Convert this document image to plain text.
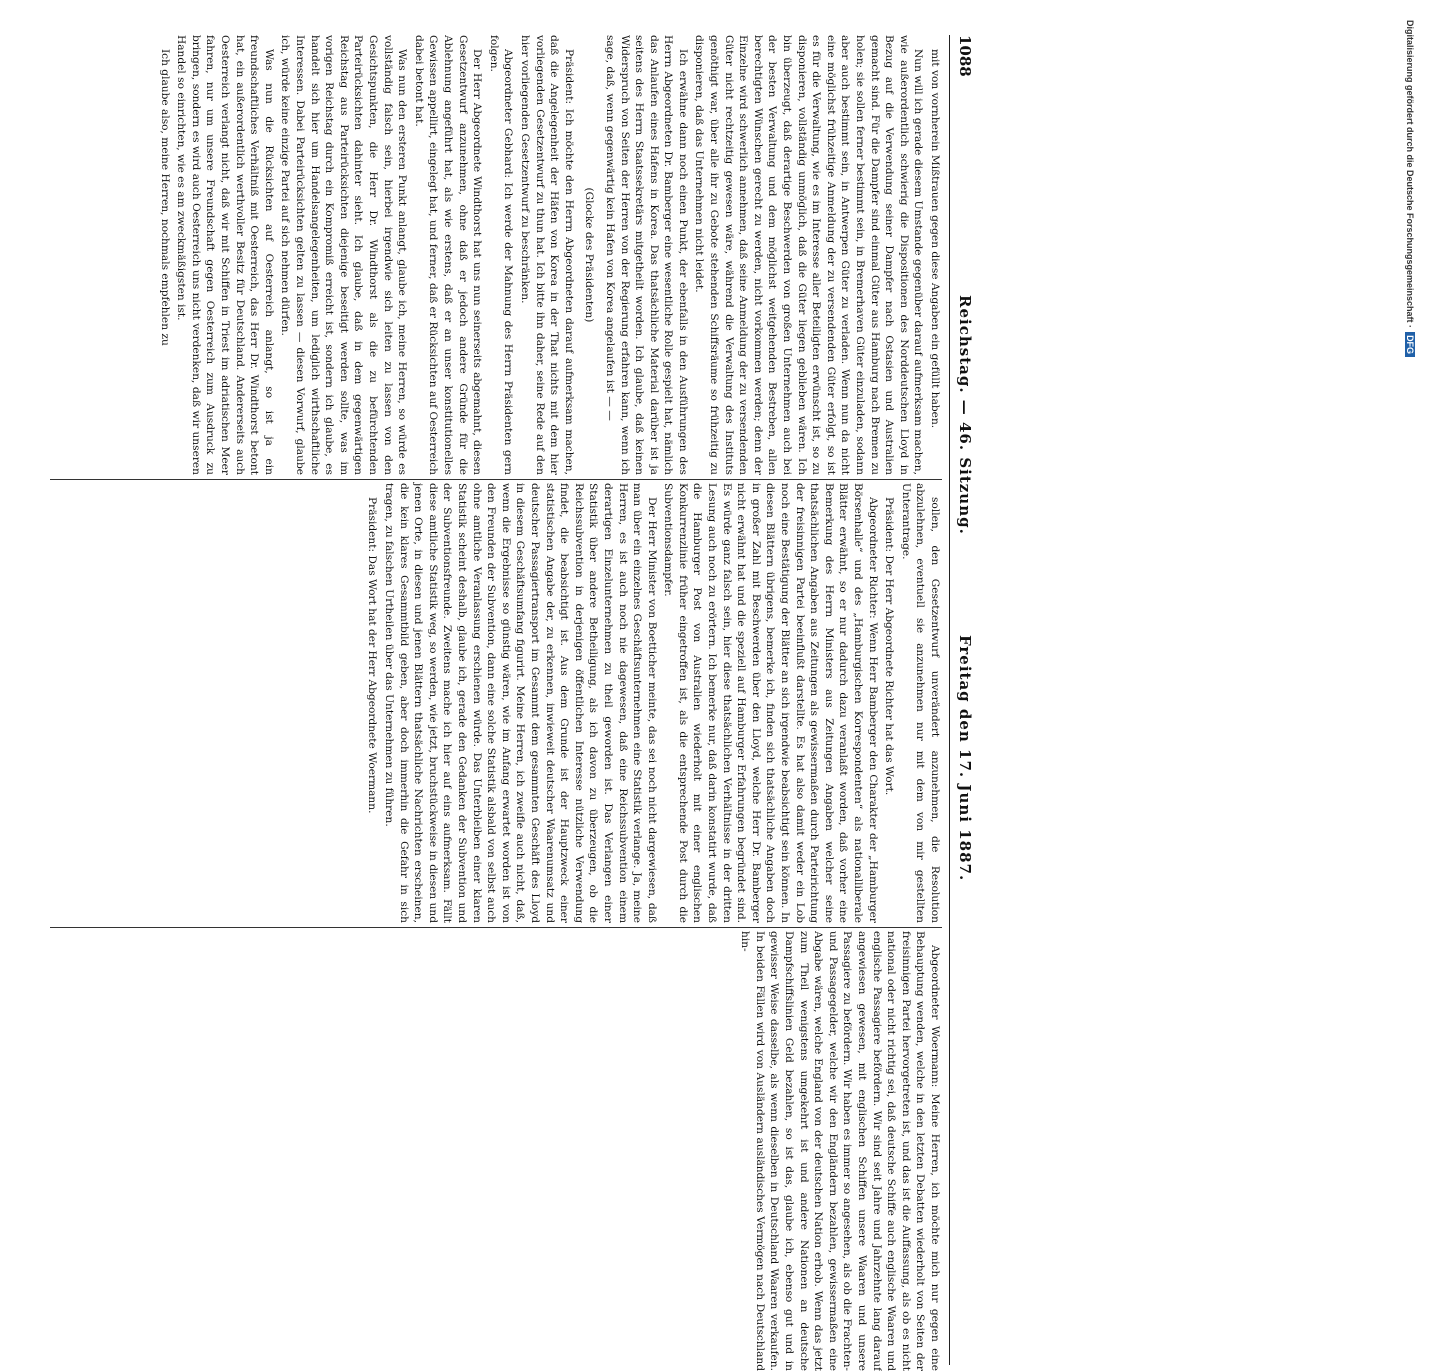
1088
Reichstag. — 46. Sitzung.
Freitag den 17. Juni 1887.

mit von vornherein Mißtrauen gegen diese Angaben ein gefüllt haben.

Nun will ich gerade diesem Umstande gegenüber darauf aufmerksam machen, wie außerordentlich schwierig die Dispositionen des Norddeutschen Lloyd in Bezug auf die Verwendung seiner Dampfer nach Ostasien und Australien gemacht sind. Für die Dampfer sind einmal Güter aus Hamburg nach Bremen zu holen; sie sollen ferner bestimmt sein, in Bremerhaven Güter einzuladen, sodann aber auch bestimmt sein, in Antwerpen Güter zu verladen. Wenn nun da nicht eine möglichst frühzeitige Anmeldung der zu versendenden Güter erfolgt, so ist es für die Verwaltung, wie es im Interesse aller Beteiligten erwünscht ist, so zu disponieren, vollständig unmöglich, daß die Güter liegen geblieben wären. Ich bin überzeugt, daß derartige Beschwerden von großen Unternehmen auch bei der besten Verwaltung und dem möglichst weitgehenden Bestreben, allen berechtigten Wünschen gerecht zu werden, nicht vorkommen werden; denn der Einzelne wird schwerlich annehmen, daß seine Anmeldung der zu versendenden Güter nicht rechtzeitig gewesen wäre, während die Verwaltung des Instituts genöthigt war, über alle ihr zu Gebote stehenden Schiffsräume so frühzeitig zu disponieren, daß das Unternehmen nicht leidet.

Ich erwähne dann noch einen Punkt, der ebenfalls in den Ausführungen des Herrn Abgeordneten Dr. Bamberger eine wesentliche Rolle gespielt hat, nämlich das Anlaufen eines Hafens in Korea. Das thatsächliche Material darüber ist ja seitens des Herrn Staatssekretärs mitgetheilt worden. Ich glaube, daß keinen Widerspruch von Seiten der Herren von der Regierung erfahren kann, wenn ich sage, daß, wenn gegenwärtig kein Hafen von Korea angelaufen ist — —

(Glocke des Präsidenten)

Präsident: Ich möchte den Herrn Abgeordneten darauf aufmerksam machen, daß die Angelegenheit der Häfen von Korea in der That nichts mit dem hier vorliegenden Gesetzentwurf zu thun hat. Ich bitte ihn daher, seine Rede auf den hier vorliegenden Gesetzentwurf zu beschränken.

Abgeordneter Gebhard: Ich werde der Mahnung des Herrn Präsidenten gern folgen.

Der Herr Abgeordnete Windthorst hat uns nun seinerseits abgemahnt, diesen Gesetzentwurf anzunehmen, ohne daß er jedoch andere Gründe für die Ablehnung angeführt hat, als wie erstens, daß er an unser konstitutionelles Gewissen appellirt, eingelegt hat, und ferner, daß er Rücksichten auf Oesterreich dabei betont hat.

Was nun den ersteren Punkt anlangt, glaube ich, meine Herren, so würde es vollständig falsch sein, hierbei irgendwie sich leiten zu lassen von den Gesichtspunkten, die Herr Dr. Windthorst als die zu befürchtenden Parteirücksichten dahinter sieht. Ich glaube, daß in dem gegenwärtigen Reichstag aus Parteirücksichten diejenige beseitigt werden sollte, was im vorigen Reichstag durch ein Kompromiß erreicht ist, sondern ich glaube, es handelt sich hier um Handelsangelegenheiten, um lediglich wirthschaftliche Interessen. Dabei Parteirücksichten gelten zu lassen — diesen Vorwurf, glaube ich, würde keine einzige Partei auf sich nehmen dürfen.

Was nun die Rücksichten auf Oesterreich anlangt, so ist ja ein freundschaftliches Verhältniß mit Oesterreich, das Herr Dr. Windthorst betont hat, ein außerordentlich werthvoller Besitz für Deutschland. Andererseits auch Oesterreich verlangt nicht, daß wir mit Schiffen in Triest im adriatischen Meer fahren, nur um unsere Freundschaft gegen Oesterreich zum Ausdruck zu bringen, sondern es wird auch Oesterreich uns nicht verdenken, daß wir unseren Handel so einrichten, wie es am zweckmäßigsten ist.

Ich glaube also, meine Herren, nochmals empfehlen zu

sollen, den Gesetzentwurf unverändert anzunehmen, die Resolution abzulehnen, eventuell sie anzunehmen nur mit dem von mir gestellten Unterantrage.

Präsident: Der Herr Abgeordnete Richter hat das Wort.

Abgeordneter Richter: Wenn Herr Bamberger den Charakter der „Hamburger Börsenhalle“ und des „Hamburgischen Korrespondenten“ als nationalliberale Blätter erwähnt, so er nur dadurch dazu veranlaßt worden, daß vorher eine Bemerkung des Herrn Ministers aus Zeitungen Angaben welcher seine thatsächlichen Angaben aus Zeitungen als gewissermaßen durch Parteirichtung der freisinnigen Partei beeinflußt darstellte. Es hat also damit weder ein Lob noch eine Bestätigung der Blätter an sich irgendwie beabsichtigt sein können. In diesen Blättern übrigens, bemerke ich, finden sich thatsächliche Angaben doch in großer Zahl mit Beschwerden über den Lloyd, welche Herr Dr. Bamberger nicht erwähnt hat und die speziell auf Hamburger Erfahrungen begründet sind. Es würde ganz falsch sein, hier diese thatsächlichen Verhältnisse in der dritten Lesung auch noch zu erörtern. Ich bemerke nur, daß darin konstatirt wurde, daß die Hamburger Post von Australien wiederholt mit einer englischen Konkurrenzlinie früher eingetroffen ist, als die entsprechende Post durch die Subventionsdampfer.

Der Herr Minister von Boetticher meinte, das sei noch nicht dargewiesen, daß man über ein einzelnes Geschäftsunternehmen eine Statistik verlange. Ja, meine Herren, es ist auch noch nie dagewesen, daß eine Reichssubvention einem derartigen Einzelunternehmen zu theil geworden ist. Das Verlangen einer Statistik über andere Betheiligung, als ich davon zu überzeugen, ob die Reichssubvention in derjenigen öffentlichen Interesse nützliche Verwendung findet, die beabsichtigt ist. Aus dem Grunde ist der Hauptzweck einer statistischen Angabe der, zu erkennen, inwieweit deutscher Waarenumsatz und deutscher Passagiertransport im Gesammt dem gesammten Geschäft des Lloyd in diesem Geschäftsumfang figurirt. Meine Herren, ich zweifle auch nicht, daß, wenn die Ergebnisse so günstig wären, wie im Anfang erwartet worden ist von den Freunden der Subvention, dann eine solche Statistik alsbald von selbst auch ohne amtliche Veranlassung erschienen würde. Das Unterbleiben einer klaren Statistik scheint deshalb, glaube ich, gerade den Gedanken der Subvention und der Subventionsfreunde. Zweitens mache ich hier auf eins aufmerksam. Fällt diese amtliche Statistik weg, so werden, wie jetzt, bruchstückweise in diesen und jenen Orte, in diesen und jenen Blättern thatsächliche Nachrichten erscheinen, die kein klares Gesammtbild geben, aber doch immerhin die Gefahr in sich tragen, zu falschen Urtheilen über das Unternehmen zu führen.

Präsident: Das Wort hat der Herr Abgeordnete Woermann.

Abgeordneter Woermann: Meine Herren, ich möchte mich nur gegen eine Behauptung wenden, welche in den letzten Debatten wiederholt von Seiten der freisinnigen Partei hervorgetreten ist, und das ist die Auffassung, als ob es nicht national oder nicht richtig sei, daß deutsche Schiffe auch englische Waaren und englische Passagiere befördern. Wir sind seit Jahre und Jahrzehnte lang darauf angewiesen gewesen, mit englischen Schiffen unsere Waaren und unsere Passagiere zu befördern. Wir haben es immer so angesehen, als ob die Frachten- und Passagegelder, welche wir den Engländern bezahlen, gewissermaßen eine Abgabe wären, welche England von der deutschen Nation erhob. Wenn das jetzt zum Theil wenigstens umgekehrt ist und andere Nationen an deutsche Dampfschiffslinien Geld bezahlen, so ist das, glaube ich, ebenso gut und in gewisser Weise dasselbe, als wenn dieselben in Deutschland Waaren verkaufen. In beiden Fällen wird von Ausländern ausländisches Vermögen nach Deutschland hin-

Digitalisierung gefördert durch die Deutsche Forschungsgemeinschaft ·DFG
